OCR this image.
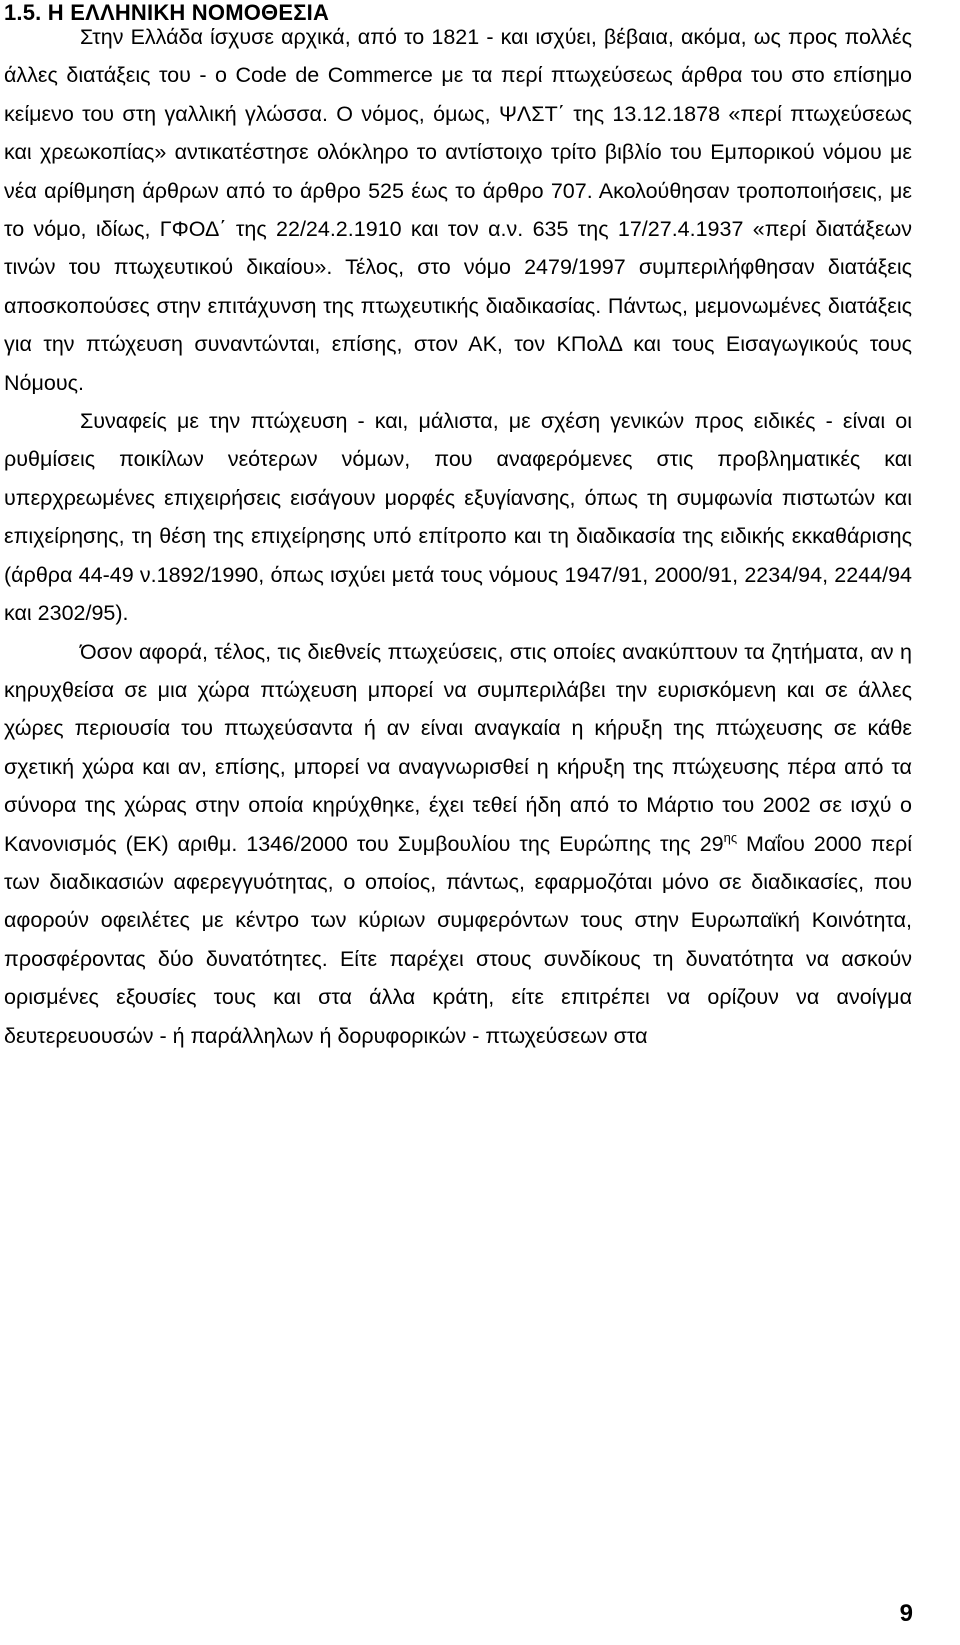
1.5. Η ΕΛΛΗΝΙΚΗ ΝΟΜΟΘΕΣΙΑ

Στην Ελλάδα ίσχυσε αρχικά, από το 1821 - και ισχύει, βέβαια, ακόμα, ως προς πολλές άλλες διατάξεις του - ο Code de Commerce με τα περί πτωχεύσεως άρθρα του στο επίσημο κείμενο του στη γαλλική γλώσσα. Ο νόμος, όμως, ΨΛΣΤ΄ της 13.12.1878 «περί πτωχεύσεως και χρεωκοπίας» αντικατέστησε ολόκληρο το αντίστοιχο τρίτο βιβλίο του Εμπορικού νόμου με νέα αρίθμηση άρθρων από το άρθρο 525 έως το άρθρο 707. Ακολούθησαν τροποποιήσεις, με το νόμο, ιδίως, ΓΦΟΔ΄ της 22/24.2.1910 και τον α.ν. 635 της 17/27.4.1937 «περί διατάξεων τινών του πτωχευτικού δικαίου». Τέλος, στο νόμο 2479/1997 συμπεριλήφθησαν διατάξεις αποσκοπούσες στην επιτάχυνση της πτωχευτικής διαδικασίας. Πάντως, μεμονωμένες διατάξεις για την πτώχευση συναντώνται, επίσης, στον ΑΚ, τον ΚΠολΔ και τους Εισαγωγικούς τους Νόμους.

Συναφείς με την πτώχευση - και, μάλιστα, με σχέση γενικών προς ειδικές - είναι οι ρυθμίσεις ποικίλων νεότερων νόμων, που αναφερόμενες στις προβληματικές και υπερχρεωμένες επιχειρήσεις εισάγουν μορφές εξυγίανσης, όπως τη συμφωνία πιστωτών και επιχείρησης, τη θέση της επιχείρησης υπό επίτροπο και τη διαδικασία της ειδικής εκκαθάρισης (άρθρα 44-49 ν.1892/1990, όπως ισχύει μετά τους νόμους 1947/91, 2000/91, 2234/94, 2244/94 και 2302/95).

Όσον αφορά, τέλος, τις διεθνείς πτωχεύσεις, στις οποίες ανακύπτουν τα ζητήματα, αν η κηρυχθείσα σε μια χώρα πτώχευση μπορεί να συμπεριλάβει την ευρισκόμενη και σε άλλες χώρες περιουσία του πτωχεύσαντα ή αν είναι αναγκαία η κήρυξη της πτώχευσης σε κάθε σχετική χώρα και αν, επίσης, μπορεί να αναγνωρισθεί η κήρυξη της πτώχευσης πέρα από τα σύνορα της χώρας στην οποία κηρύχθηκε, έχει τεθεί ήδη από το Μάρτιο του 2002 σε ισχύ ο Κανονισμός (ΕΚ) αριθμ. 1346/2000 του Συμβουλίου της Ευρώπης της $29^{\eta\varsigma}$ Μαΐου 2000 περί των διαδικασιών αφερεγγυότητας, ο οποίος, πάντως, εφαρμοζόται μόνο σε διαδικασίες, που αφορούν οφειλέτες με κέντρο των κύριων συμφερόντων τους στην Ευρωπαϊκή Κοινότητα, προσφέροντας δύο δυνατότητες. Είτε παρέχει στους συνδίκους τη δυνατότητα να ασκούν ορισμένες εξουσίες τους και στα άλλα κράτη, είτε επιτρέπει να ορίζουν να ανοίγμα δευτερευουσών - ή παράλληλων ή δορυφορικών - πτωχεύσεων στα

9
